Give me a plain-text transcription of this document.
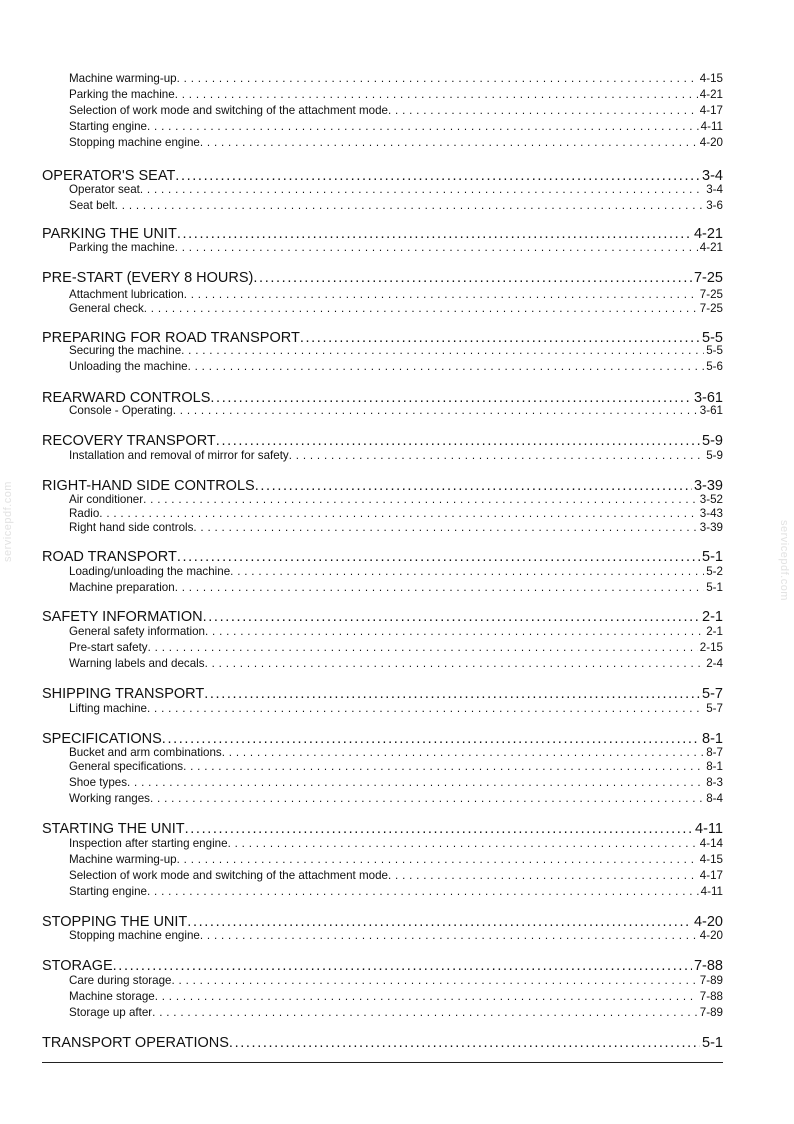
Machine warming-up . . .	4-15
Parking the machine . . .	4-21
Selection of work mode and switching of the attachment mode . . .	4-17
Starting engine . . .	4-11
Stopping machine engine . . .	4-20
OPERATOR'S SEAT . . .	3-4
Operator seat . . .	3-4
Seat belt . . .	3-6
PARKING THE UNIT . . .	4-21
Parking the machine . . .	4-21
PRE-START (EVERY 8 HOURS) . . .	7-25
Attachment lubrication . . .	7-25
General check . . .	7-25
PREPARING FOR ROAD TRANSPORT . . .	5-5
Securing the machine . . .	5-5
Unloading the machine . . .	5-6
REARWARD CONTROLS . . .	3-61
Console - Operating . . .	3-61
RECOVERY TRANSPORT . . .	5-9
Installation and removal of mirror for safety . . .	5-9
RIGHT-HAND SIDE CONTROLS . . .	3-39
Air conditioner . . .	3-52
Radio . . .	3-43
Right hand side controls . . .	3-39
ROAD TRANSPORT . . .	5-1
Loading/unloading the machine . . .	5-2
Machine preparation . . .	5-1
SAFETY INFORMATION . . .	2-1
General safety information . . .	2-1
Pre-start safety . . .	2-15
Warning labels and decals . . .	2-4
SHIPPING TRANSPORT . . .	5-7
Lifting machine . . .	5-7
SPECIFICATIONS . . .	8-1
Bucket and arm combinations . . .	8-7
General specifications . . .	8-1
Shoe types . . .	8-3
Working ranges . . .	8-4
STARTING THE UNIT . . .	4-11
Inspection after starting engine . . .	4-14
Machine warming-up . . .	4-15
Selection of work mode and switching of the attachment mode . . .	4-17
Starting engine . . .	4-11
STOPPING THE UNIT . . .	4-20
Stopping machine engine . . .	4-20
STORAGE . . .	7-88
Care during storage . . .	7-89
Machine storage . . .	7-88
Storage up after . . .	7-89
TRANSPORT OPERATIONS . . .	5-1
servicepdf.com	servicepdf.com
